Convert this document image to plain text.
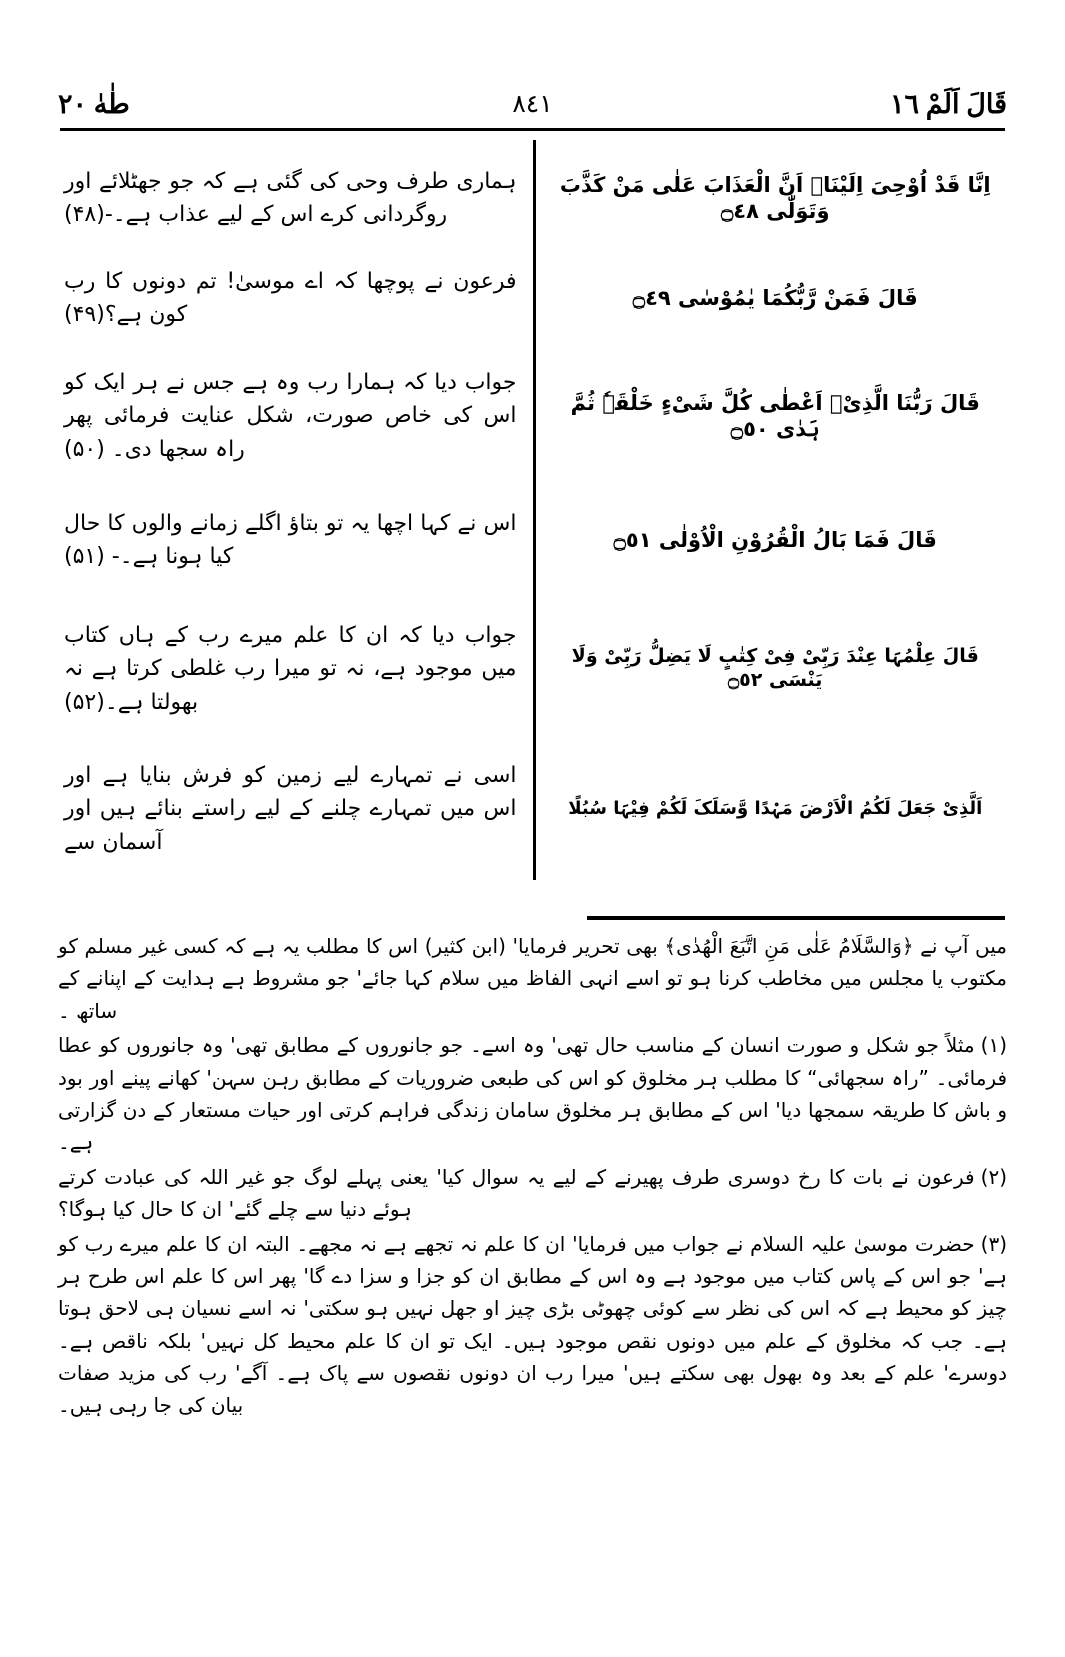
قَالَ اَلَمْ ١٦
٨٤١
طٰهٰ ٢٠
اِنَّا قَدْ اُوْحِیَ اِلَیْنَاۤ اَنَّ الْعَذَابَ عَلٰی مَنْ کَذَّبَ وَتَوَلّٰی ۝٤٨
قَالَ فَمَنْ رَّبُّکُمَا یٰمُوْسٰی ۝٤٩
قَالَ رَبُّنَا الَّذِیْۤ اَعْطٰی کُلَّ شَیْءٍ خَلْقَہٗ ثُمَّ ہَدٰی ۝٥٠
قَالَ فَمَا بَالُ الْقُرُوْنِ الْاُوْلٰی ۝٥١
قَالَ عِلْمُہَا عِنْدَ رَبِّیْ فِیْ کِتٰبٍ لَا یَضِلُّ رَبِّیْ وَلَا یَنْسَی ۝٥٢
اَلَّذِیْ جَعَلَ لَکُمُ الْاَرْضَ مَہْدًا وَّسَلَکَ لَکُمْ فِیْہَا سُبُلًا
ہماری طرف وحی کی گئی ہے کہ جو جھٹلائے اور روگردانی کرے اس کے لیے عذاب ہے۔-(۴۸)
فرعون نے پوچھا کہ اے موسیٰ! تم دونوں کا رب کون ہے؟(۴۹)
جواب دیا کہ ہمارا رب وہ ہے جس نے ہر ایک کو اس کی خاص صورت، شکل عنایت فرمائی پھر راہ سجھا دی۔ (۵۰)
اس نے کہا اچھا یہ تو بتاؤ اگلے زمانے والوں کا حال کیا ہونا ہے۔- (۵۱)
جواب دیا کہ ان کا علم میرے رب کے ہاں کتاب میں موجود ہے، نہ تو میرا رب غلطی کرتا ہے نہ بھولتا ہے۔(۵۲)
اسی نے تمہارے لیے زمین کو فرش بنایا ہے اور اس میں تمہارے چلنے کے لیے راستے بنائے ہیں اور آسمان سے

میں آپ نے ﴿وَالسَّلَامُ عَلٰی مَنِ اتَّبَعَ الْھُدٰی﴾ بھی تحریر فرمایا' (ابن کثیر) اس کا مطلب یہ ہے کہ کسی غیر مسلم کو مکتوب یا مجلس میں مخاطب کرنا ہو تو اسے انہی الفاظ میں سلام کہا جائے' جو مشروط ہے ہدایت کے اپنانے کے ساتھ ۔

(١)مثلاً جو شکل و صورت انسان کے مناسب حال تھی' وہ اسے۔ جو جانوروں کے مطابق تھی' وہ جانوروں کو عطا فرمائی۔ ”راہ سجھائی“ کا مطلب ہر مخلوق کو اس کی طبعی ضروریات کے مطابق رہن سہن' کھانے پینے اور بود و باش کا طریقہ سمجھا دیا' اس کے مطابق ہر مخلوق سامان زندگی فراہم کرتی اور حیات مستعار کے دن گزارتی ہے۔

(٢)فرعون نے بات کا رخ دوسری طرف پھیرنے کے لیے یہ سوال کیا' یعنی پہلے لوگ جو غیر اللہ کی عبادت کرتے ہوئے دنیا سے چلے گئے' ان کا حال کیا ہوگا؟

(٣)حضرت موسیٰ علیہ السلام نے جواب میں فرمایا' ان کا علم نہ تجھے ہے نہ مجھے۔ البتہ ان کا علم میرے رب کو ہے' جو اس کے پاس کتاب میں موجود ہے وہ اس کے مطابق ان کو جزا و سزا دے گا' پھر اس کا علم اس طرح ہر چیز کو محیط ہے کہ اس کی نظر سے کوئی چھوٹی بڑی چیز او جھل نہیں ہو سکتی' نہ اسے نسیان ہی لاحق ہوتا ہے۔ جب کہ مخلوق کے علم میں دونوں نقص موجود ہیں۔ ایک تو ان کا علم محیط کل نہیں' بلکہ ناقص ہے۔ دوسرے' علم کے بعد وہ بھول بھی سکتے ہیں' میرا رب ان دونوں نقصوں سے پاک ہے۔ آگے' رب کی مزید صفات بیان کی جا رہی ہیں۔
